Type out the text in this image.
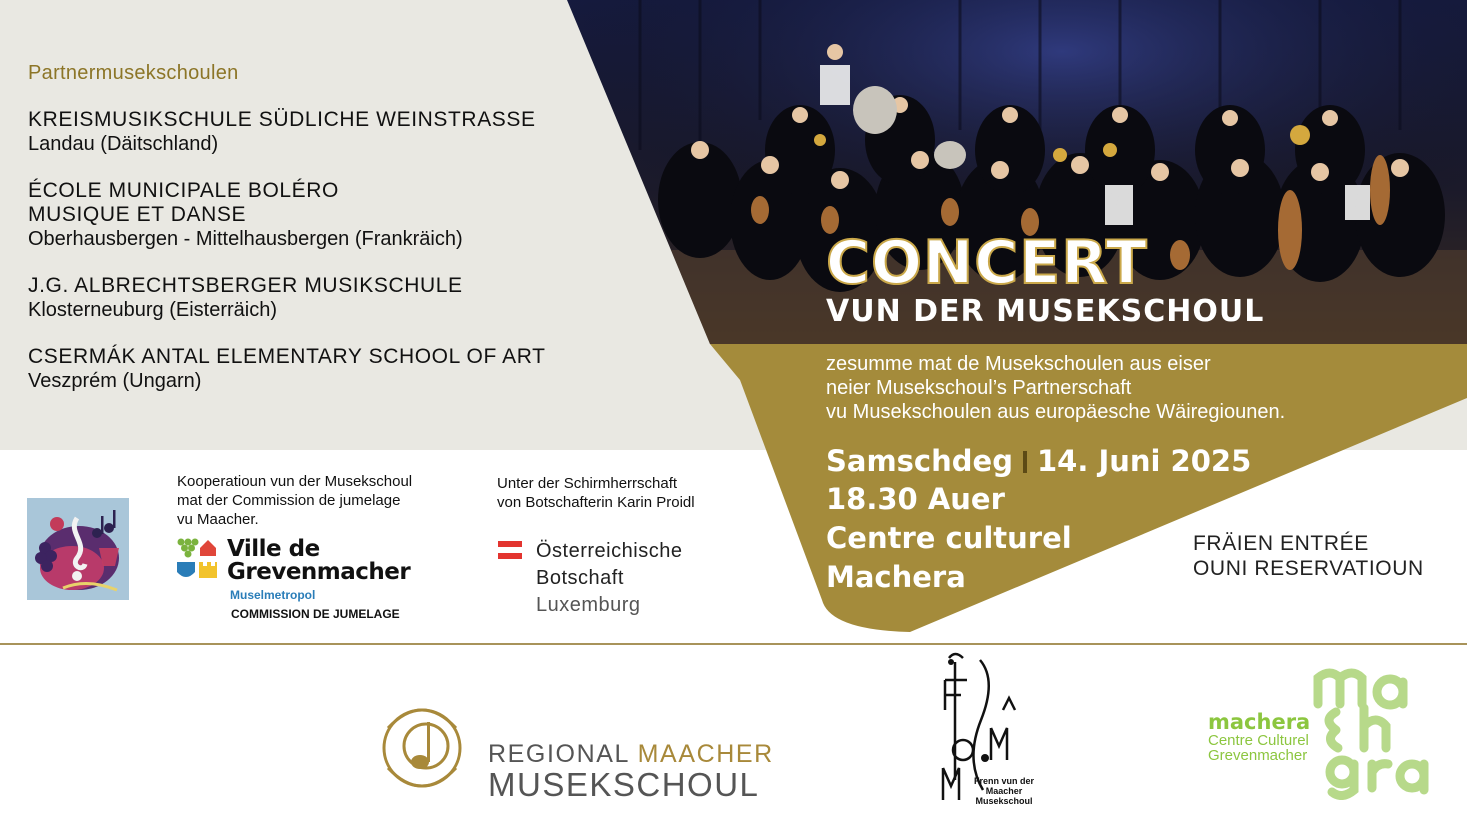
Partnermusekschoulen
KREISMUSIKSCHULE SÜDLICHE WEINSTRASSE
Landau (Däitschland)
ÉCOLE MUNICIPALE BOLÉRO
MUSIQUE ET DANSE
Oberhausbergen - Mittelhausbergen (Frankräich)
J.G. ALBRECHTSBERGER MUSIKSCHULE
Klosterneuburg (Eisterräich)
CSERMÁK ANTAL ELEMENTARY SCHOOL OF ART
Veszprém (Ungarn)
CONCERT
VUN DER MUSEKSCHOUL
zesumme mat de Musekschoulen aus eiser
neier Musekschoul’s Partnerschaft
vu Musekschoulen aus europäesche Wäiregiounen.
Samschdeg 14. Juni 2025
18.30 Auer
Centre culturel
Machera
FRÄIEN ENTRÉE
OUNI RESERVATIOUN
Kooperatioun vun der Musekschoul
mat der Commission de jumelage
vu Maacher.
Ville de
Grevenmacher
Muselmetropol
COMMISSION DE JUMELAGE
Unter der Schirmherrschaft
von Botschafterin Karin Proidl
Österreichische
Botschaft
Luxemburg
REGIONAL MAACHER
MUSEKSCHOUL	Frenn vun der
Maacher
Musekschoul
machera
Centre Culturel
Grevenmacher
